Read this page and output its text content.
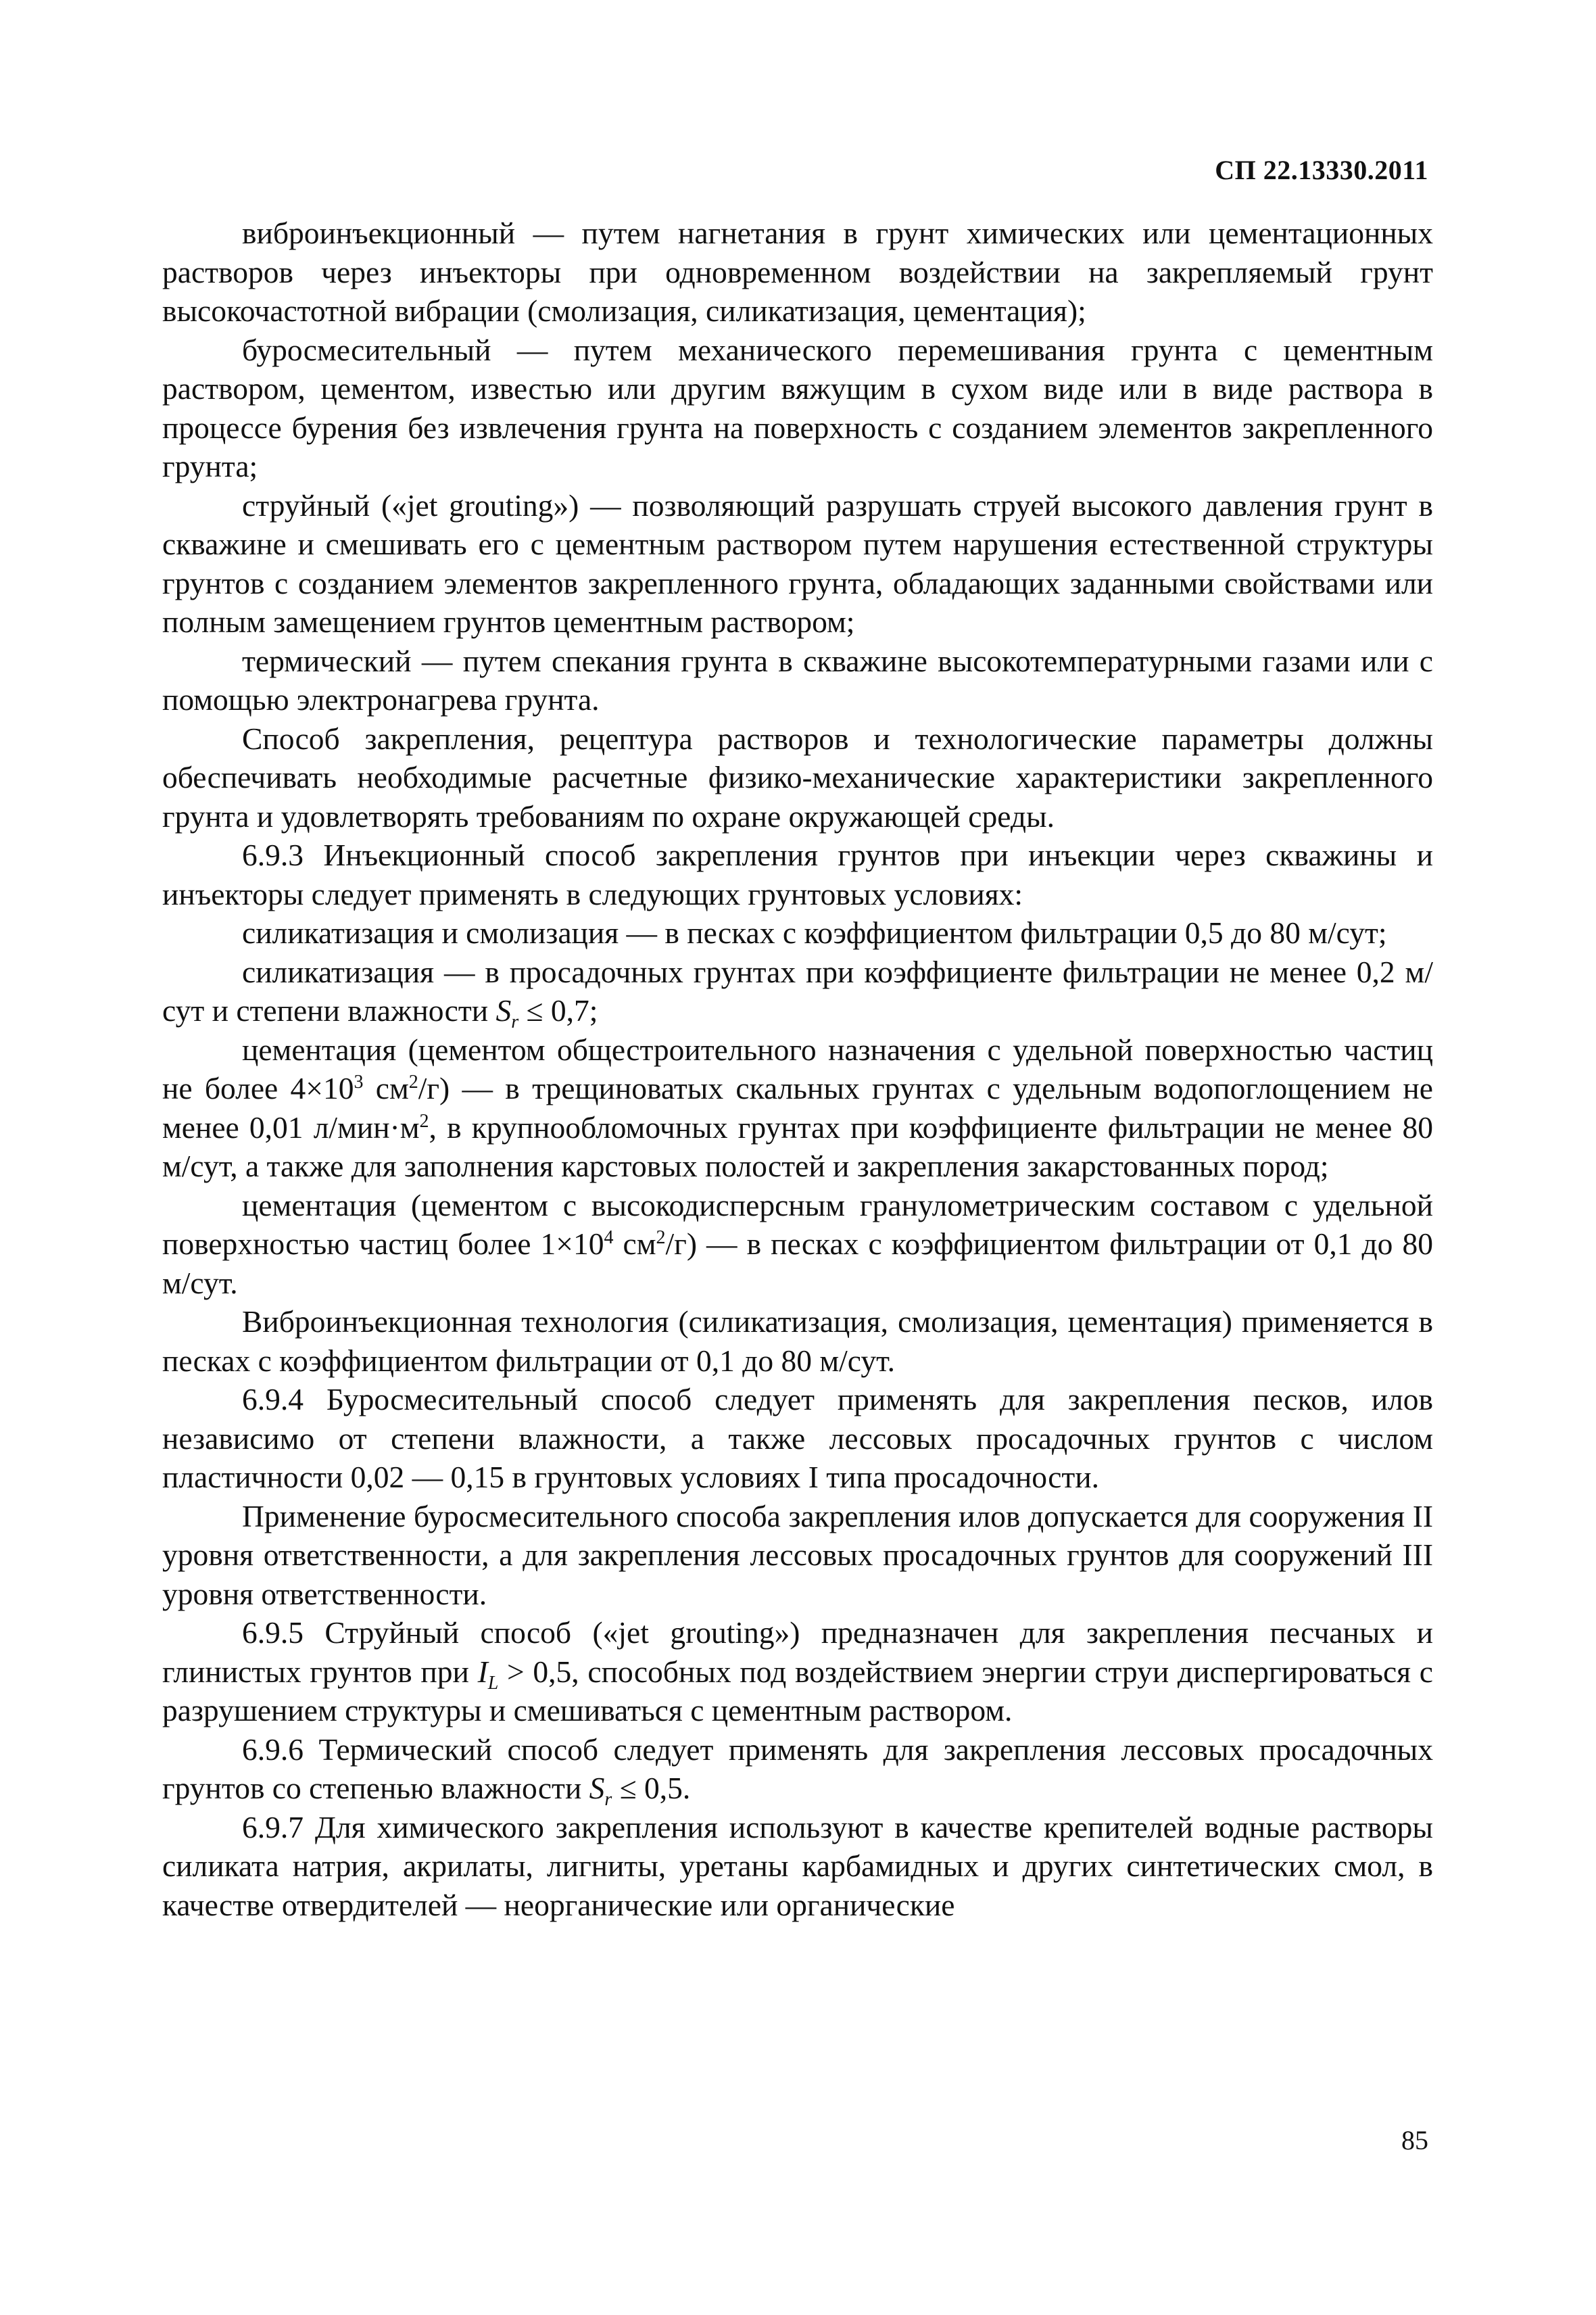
СП 22.13330.2011

виброинъекционный — путем нагнетания в грунт химических или цементационных растворов через инъекторы при одновременном воздействии на закрепляемый грунт высокочастотной вибрации (смолизация, силикатизация, цементация);

буросмесительный — путем механического перемешивания грунта с цементным раствором, цементом, известью или другим вяжущим в сухом виде или в виде раствора в процессе бурения без извлечения грунта на поверхность с созданием элементов закрепленного грунта;

струйный («jet grouting») — позволяющий разрушать струей высокого давления грунт в скважине и смешивать его с цементным раствором путем нарушения естественной структуры грунтов с созданием элементов закрепленного грунта, обладающих заданными свойствами или полным замещением грунтов цементным раствором;

термический — путем спекания грунта в скважине высокотемпературными газами или с помощью электронагрева грунта.

Способ закрепления, рецептура растворов и технологические параметры должны обеспечивать необходимые расчетные физико-механические характеристики закрепленного грунта и удовлетворять требованиям по охране окружающей среды.

6.9.3 Инъекционный способ закрепления грунтов при инъекции через скважины и инъекторы следует применять в следующих грунтовых условиях:

силикатизация и смолизация — в песках с коэффициентом фильтрации 0,5 до 80 м/сут;

силикатизация — в просадочных грунтах при коэффициенте фильтрации не менее 0,2 м/сут и степени влажности $S_r \le 0,7$;

цементация (цементом общестроительного назначения с удельной поверхностью частиц не более $4\times 10^3$ $см^2/г$) — в трещиноватых скальных грунтах с удельным водопоглощением не менее 0,01 $л/мин\cdot м^2$, в крупнообломочных грунтах при коэффициенте фильтрации не менее 80 м/сут, а также для заполнения карстовых полостей и закрепления закарстованных пород;

цементация (цементом с высокодисперсным гранулометрическим составом с удельной поверхностью частиц более $1\times 10^4$ $см^2/г$) — в песках с коэффициентом фильтрации от 0,1 до 80 м/сут.

Виброинъекционная технология (силикатизация, смолизация, цементация) применяется в песках с коэффициентом фильтрации от 0,1 до 80 м/сут.

6.9.4 Буросмесительный способ следует применять для закрепления песков, илов независимо от степени влажности, а также лессовых просадочных грунтов с числом пластичности 0,02 — 0,15 в грунтовых условиях I типа просадочности.

Применение буросмесительного способа закрепления илов допускается для сооружения II уровня ответственности, а для закрепления лессовых просадочных грунтов для сооружений III уровня ответственности.

6.9.5 Струйный способ («jet grouting») предназначен для закрепления песчаных и глинистых грунтов при $I_L > 0,5$, способных под воздействием энергии струи диспергироваться с разрушением структуры и смешиваться с цементным раствором.

6.9.6 Термический способ следует применять для закрепления лессовых просадочных грунтов со степенью влажности $S_r \le 0,5$.

6.9.7 Для химического закрепления используют в качестве крепителей водные растворы силиката натрия, акрилаты, лигниты, уретаны карбамидных и других синтетических смол, в качестве отвердителей — неорганические или органические

85
